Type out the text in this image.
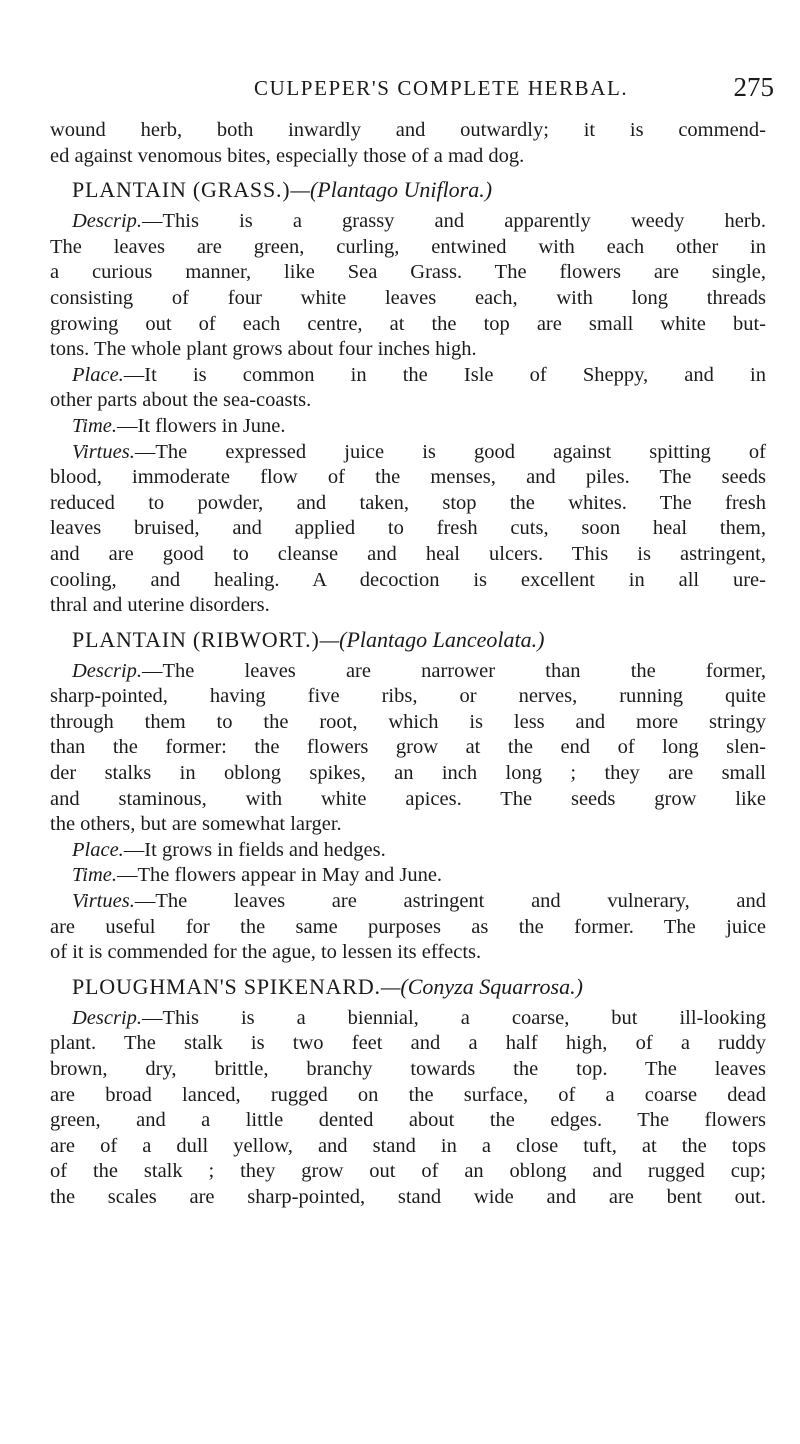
CULPEPER'S COMPLETE HERBAL.	275
wound herb, both inwardly and outwardly; it is commend-
ed against venomous bites, especially those of a mad dog.
PLANTAIN (GRASS.)—(Plantago Uniflora.)
Descrip.—This is a grassy and apparently weedy herb.
The leaves are green, curling, entwined with each other in
a curious manner, like Sea Grass. The flowers are single,
consisting of four white leaves each, with long threads
growing out of each centre, at the top are small white but-
tons. The whole plant grows about four inches high.
Place.—It is common in the Isle of Sheppy, and in
other parts about the sea-coasts.
Time.—It flowers in June.
Virtues.—The expressed juice is good against spitting of
blood, immoderate flow of the menses, and piles. The seeds
reduced to powder, and taken, stop the whites. The fresh
leaves bruised, and applied to fresh cuts, soon heal them,
and are good to cleanse and heal ulcers. This is astringent,
cooling, and healing. A decoction is excellent in all ure-
thral and uterine disorders.
PLANTAIN (RIBWORT.)—(Plantago Lanceolata.)
Descrip.—The leaves are narrower than the former,
sharp-pointed, having five ribs, or nerves, running quite
through them to the root, which is less and more stringy
than the former: the flowers grow at the end of long slen-
der stalks in oblong spikes, an inch long ; they are small
and staminous, with white apices. The seeds grow like
the others, but are somewhat larger.
Place.—It grows in fields and hedges.
Time.—The flowers appear in May and June.
Virtues.—The leaves are astringent and vulnerary, and
are useful for the same purposes as the former. The juice
of it is commended for the ague, to lessen its effects.
PLOUGHMAN'S SPIKENARD.—(Conyza Squarrosa.)
Descrip.—This is a biennial, a coarse, but ill-looking
plant. The stalk is two feet and a half high, of a ruddy
brown, dry, brittle, branchy towards the top. The leaves
are broad lanced, rugged on the surface, of a coarse dead
green, and a little dented about the edges. The flowers
are of a dull yellow, and stand in a close tuft, at the tops
of the stalk ; they grow out of an oblong and rugged cup;
the scales are sharp-pointed, stand wide and are bent out.
